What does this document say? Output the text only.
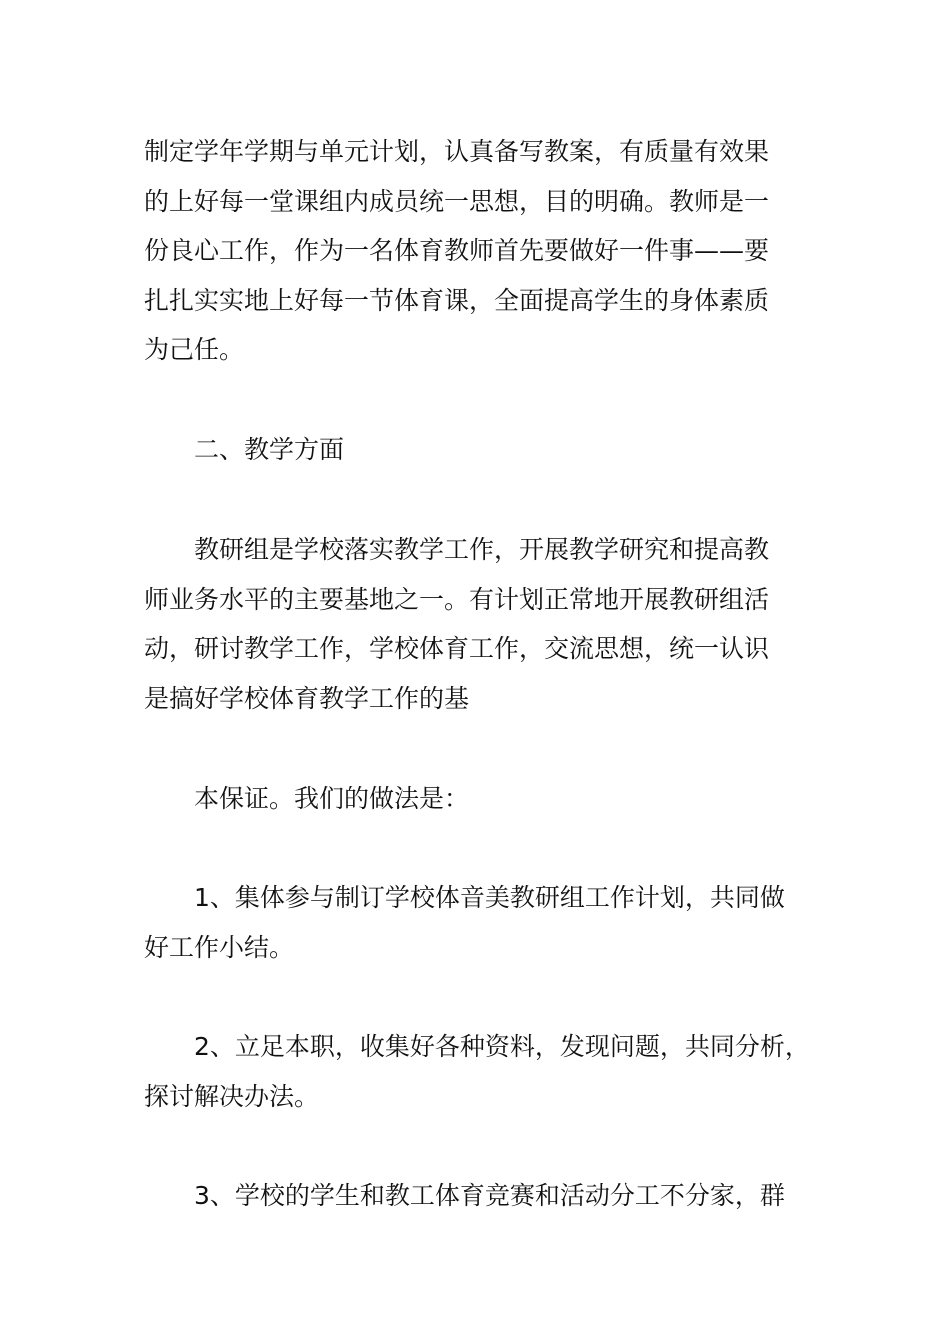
制定学年学期与单元计划，认真备写教案，有质量有效果
的上好每一堂课组内成员统一思想，目的明确。教师是一
份良心工作，作为一名体育教师首先要做好一件事——要
扎扎实实地上好每一节体育课，全面提高学生的身体素质
为己任。
二、教学方面
教研组是学校落实教学工作，开展教学研究和提高教
师业务水平的主要基地之一。有计划正常地开展教研组活
动，研讨教学工作，学校体育工作，交流思想，统一认识
是搞好学校体育教学工作的基
本保证。我们的做法是：
1、集体参与制订学校体音美教研组工作计划，共同做
好工作小结。
2、立足本职，收集好各种资料，发现问题，共同分析，
探讨解决办法。
3、学校的学生和教工体育竞赛和活动分工不分家，群
